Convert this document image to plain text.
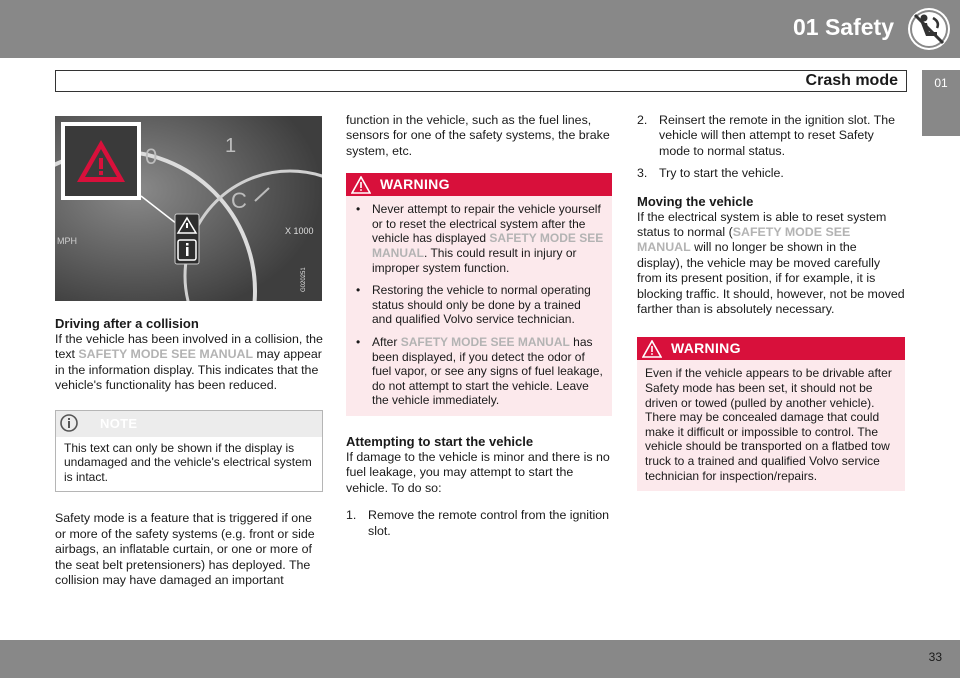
01 Safety
Crash mode	01
0	1
C
MPH
X 1000
G020251
Driving after a collision

If the vehicle has been involved in a collision, the text SAFETY MODE SEE MANUAL may appear in the information display. This indicates that the vehicle's functionality has been reduced.

NOTE
This text can only be shown if the display is undamaged and the vehicle's electrical system is intact.

Safety mode is a feature that is triggered if one or more of the safety systems (e.g. front or side airbags, an inflatable curtain, or one or more of the seat belt pretensioners) has deployed. The collision may have damaged an important

function in the vehicle, such as the fuel lines, sensors for one of the safety systems, the brake system, etc.

WARNING
• Never attempt to repair the vehicle yourself or to reset the electrical system after the vehicle has displayed SAFETY MODE SEE MANUAL. This could result in injury or improper system function.
• Restoring the vehicle to normal operating status should only be done by a trained and qualified Volvo service technician.
• After SAFETY MODE SEE MANUAL has been displayed, if you detect the odor of fuel vapor, or see any signs of fuel leakage, do not attempt to start the vehicle. Leave the vehicle immediately.
Attempting to start the vehicle

If damage to the vehicle is minor and there is no fuel leakage, you may attempt to start the vehicle. To do so:

1. Remove the remote control from the ignition slot.
2. Reinsert the remote in the ignition slot. The vehicle will then attempt to reset Safety mode to normal status.
3. Try to start the vehicle.
Moving the vehicle

If the electrical system is able to reset system status to normal (SAFETY MODE SEE MANUAL will no longer be shown in the display), the vehicle may be moved carefully from its present position, if for example, it is blocking traffic. It should, however, not be moved farther than is absolutely necessary.

WARNING
Even if the vehicle appears to be drivable after Safety mode has been set, it should not be driven or towed (pulled by another vehicle). There may be concealed damage that could make it difficult or impossible to control. The vehicle should be transported on a flatbed tow truck to a trained and qualified Volvo service technician for inspection/repairs.
33
